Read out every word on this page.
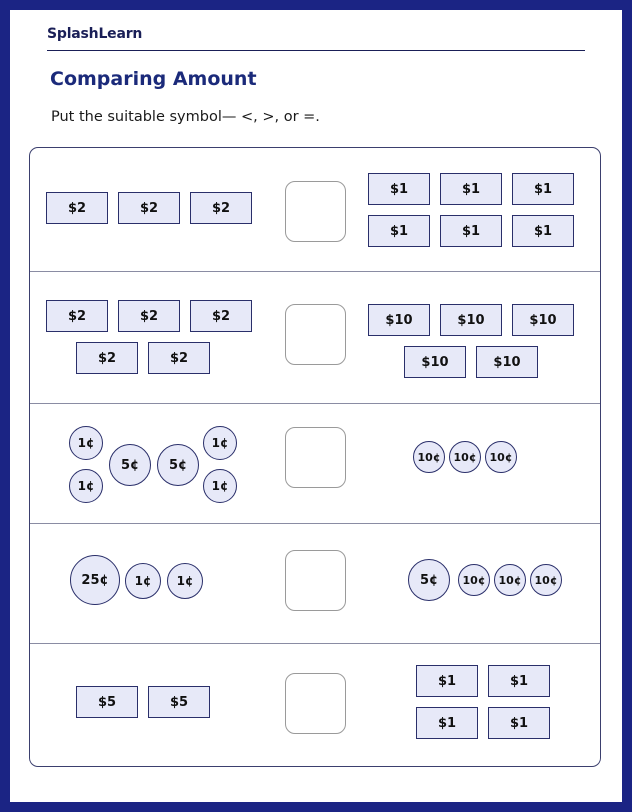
SplashLearn
Comparing Amount
Put the suitable symbol— <, >, or =.
$2	$2	$2
$1	$1	$1
$1	$1	$1
$2	$2	$2
$2	$2
$10	$10	$10
$10	$10
1¢
1¢
5¢	5¢
1¢
1¢
10¢	10¢	10¢
25¢	1¢	1¢	5¢	10¢	10¢	10¢
$5	$5
$1	$1
$1	$1
